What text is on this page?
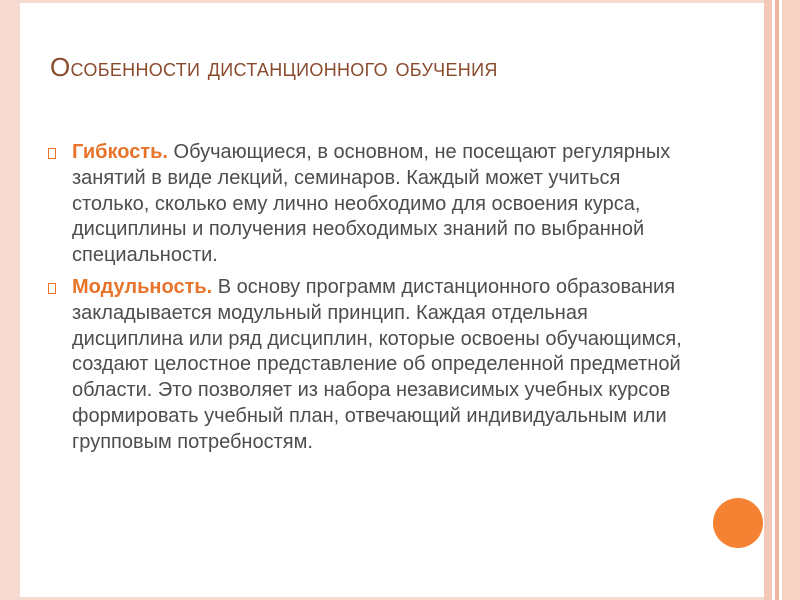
Особенности дистанционного обучения
Гибкость. Обучающиеся, в основном, не посещают регулярных занятий в виде лекций, семинаров. Каждый может учиться столько, сколько ему лично необходимо для освоения курса, дисциплины и получения необходимых знаний по выбранной специальности.
Модульность. В основу программ дистанционного образования закладывается модульный принцип. Каждая отдельная дисциплина или ряд дисциплин, которые освоены обучающимся, создают целостное представление об определенной предметной области. Это позволяет из набора независимых учебных курсов формировать учебный план, отвечающий индивидуальным или групповым потребностям.
